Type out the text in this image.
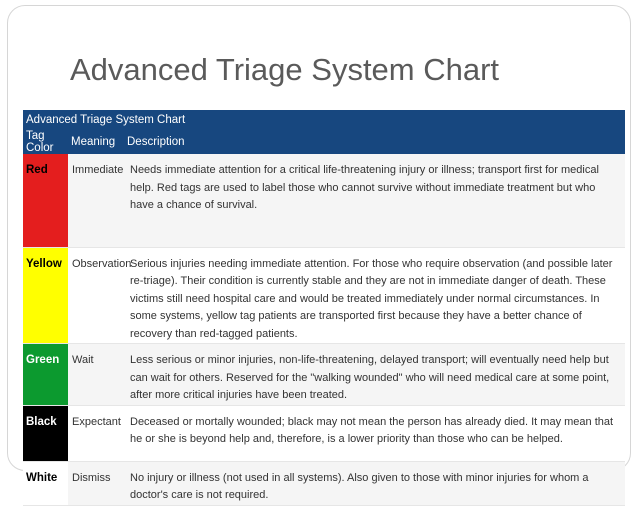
Advanced Triage System Chart
Advanced Triage System Chart		
Tag Color	Meaning	Description
Red	Immediate	Needs immediate attention for a critical life-threatening injury or illness; transport first for medical help. Red tags are used to label those who cannot survive without immediate treatment but who have a chance of survival.
Yellow	Observation	Serious injuries needing immediate attention. For those who require observation (and possible later re-triage). Their condition is currently stable and they are not in immediate danger of death. These victims still need hospital care and would be treated immediately under normal circumstances. In some systems, yellow tag patients are transported first because they have a better chance of recovery than red-tagged patients.
Green	Wait	Less serious or minor injuries, non-life-threatening, delayed transport; will eventually need help but can wait for others. Reserved for the "walking wounded" who will need medical care at some point, after more critical injuries have been treated.
Black	Expectant	Deceased or mortally wounded; black may not mean the person has already died. It may mean that he or she is beyond help and, therefore, is a lower priority than those who can be helped.
White	Dismiss	No injury or illness (not used in all systems). Also given to those with minor injuries for whom a doctor's care is not required.
